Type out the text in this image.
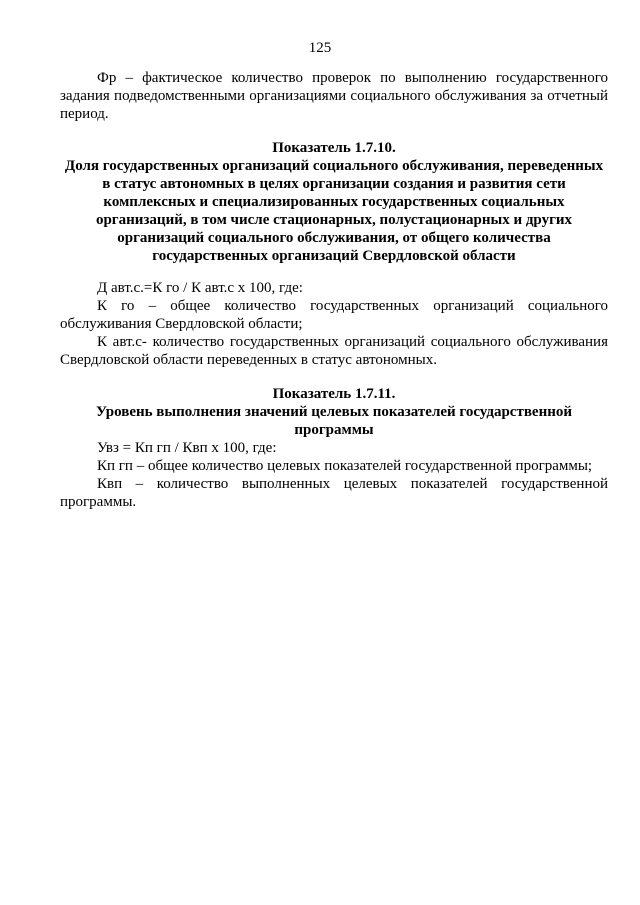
125

Фр – фактическое количество проверок по выполнению государственного задания подведомственными организациями социального обслуживания за отчетный период.

Показатель 1.7.10.

Доля государственных организаций социального обслуживания, переведенных в статус автономных в целях организации создания и развития сети комплексных и специализированных государственных социальных организаций, в том числе стационарных, полустационарных и других организаций социального обслуживания, от общего количества государственных организаций Свердловской области

Д авт.с.=К го / К авт.с х 100, где:

К го – общее количество государственных организаций социального обслуживания Свердловской области;

К авт.с- количество государственных организаций социального обслуживания Свердловской области переведенных в статус автономных.

Показатель 1.7.11.

Уровень выполнения значений целевых показателей государственной программы

Увз = Кп гп / Квп х 100, где:

Кп гп – общее количество целевых показателей государственной программы;

Квп – количество выполненных целевых показателей государственной программы.
